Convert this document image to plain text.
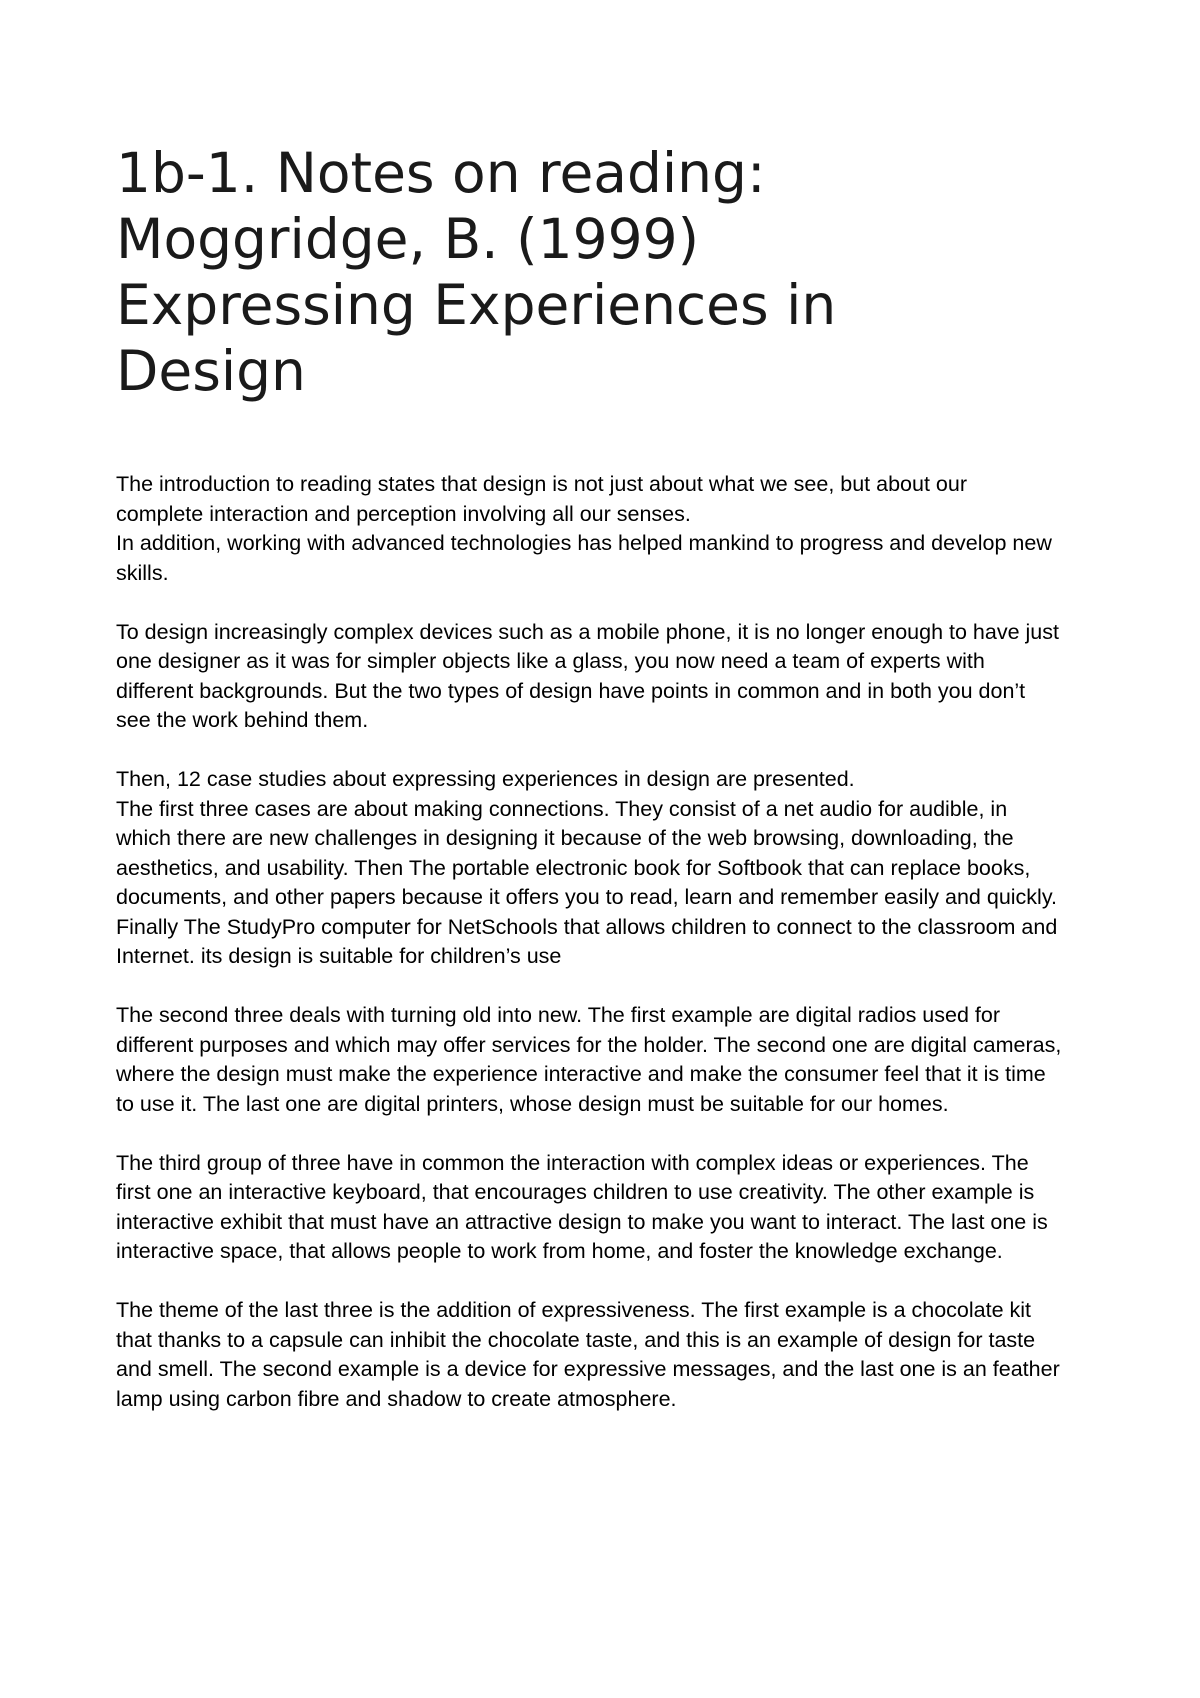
1b-1. Notes on reading:
Moggridge, B. (1999)
Expressing Experiences in
Design

The introduction to reading states that design is not just about what we see, but about our
complete interaction and perception involving all our senses.
In addition, working with advanced technologies has helped mankind to progress and develop new
skills.

To design increasingly complex devices such as a mobile phone, it is no longer enough to have just
one designer as it was for simpler objects like a glass, you now need a team of experts with
different backgrounds. But the two types of design have points in common and in both you don’t
see the work behind them.

Then, 12 case studies about expressing experiences in design are presented.
The first three cases are about making connections. They consist of a net audio for audible, in
which there are new challenges in designing it because of the web browsing, downloading, the
aesthetics, and usability. Then The portable electronic book for Softbook that can replace books,
documents, and other papers because it offers you to read, learn and remember easily and quickly.
Finally The StudyPro computer for NetSchools that allows children to connect to the classroom and
Internet. its design is suitable for children’s use

The second three deals with turning old into new. The first example are digital radios used for
different purposes and which may offer services for the holder. The second one are digital cameras,
where the design must make the experience interactive and make the consumer feel that it is time
to use it. The last one are digital printers, whose design must be suitable for our homes.

The third group of three have in common the interaction with complex ideas or experiences. The
first one an interactive keyboard, that encourages children to use creativity. The other example is
interactive exhibit that must have an attractive design to make you want to interact. The last one is
interactive space, that allows people to work from home, and foster the knowledge exchange.

The theme of the last three is the addition of expressiveness. The first example is a chocolate kit
that thanks to a capsule can inhibit the chocolate taste, and this is an example of design for taste
and smell. The second example is a device for expressive messages, and the last one is an feather
lamp using carbon fibre and shadow to create atmosphere.
